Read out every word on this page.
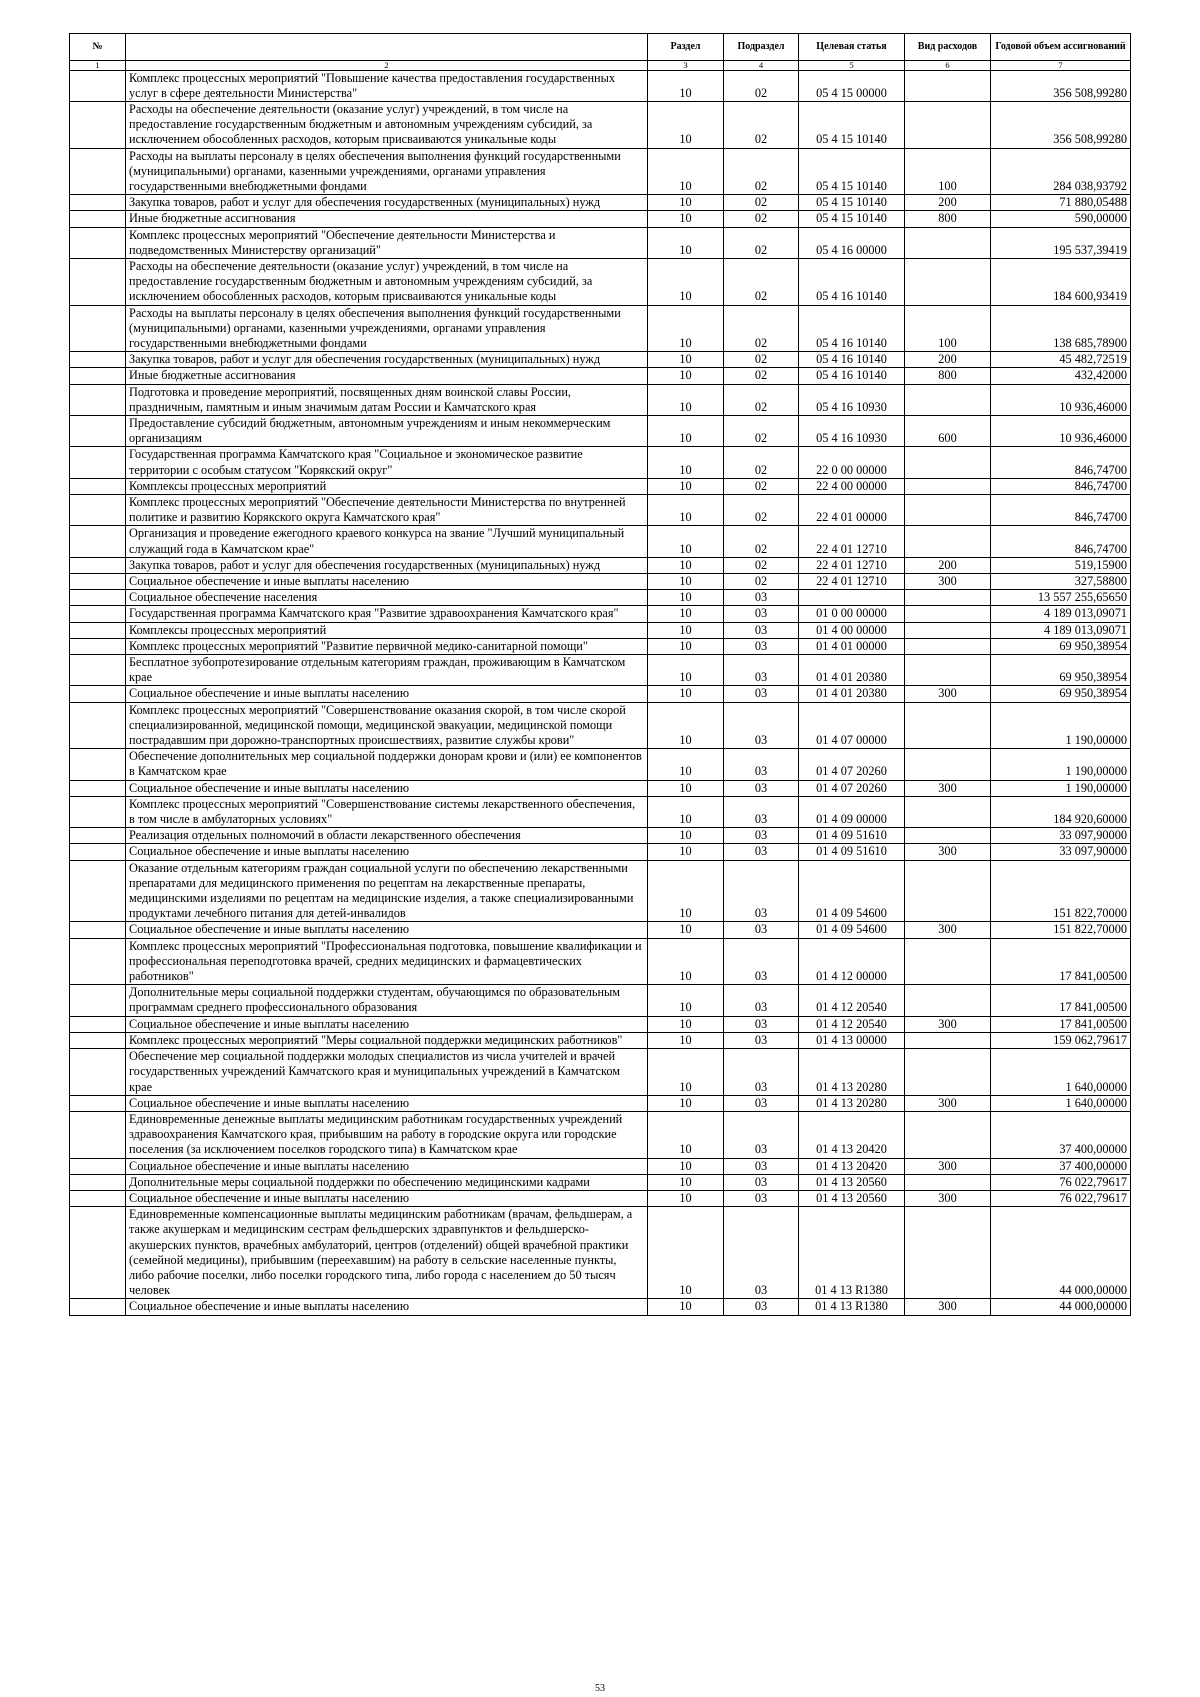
№		Раздел	Подраздел	Целевая статья	Вид расходов	Годовой объем ассигнований
1	2	3	4	5	6	7
	Комплекс процессных мероприятий "Повышение качества предоставления государственных услуг в сфере деятельности Министерства"	10	02	05 4 15 00000		356 508,99280
	Расходы на обеспечение деятельности (оказание услуг) учреждений, в том числе на предоставление государственным бюджетным и автономным учреждениям субсидий, за исключением обособленных расходов, которым присваиваются уникальные коды	10	02	05 4 15 10140		356 508,99280
	Расходы на выплаты персоналу в целях обеспечения выполнения функций государственными (муниципальными) органами, казенными учреждениями, органами управления государственными внебюджетными фондами	10	02	05 4 15 10140	100	284 038,93792
	Закупка товаров, работ и услуг для обеспечения государственных (муниципальных) нужд	10	02	05 4 15 10140	200	71 880,05488
	Иные бюджетные ассигнования	10	02	05 4 15 10140	800	590,00000
	Комплекс процессных мероприятий "Обеспечение деятельности Министерства и подведомственных Министерству организаций"	10	02	05 4 16 00000		195 537,39419
	Расходы на обеспечение деятельности (оказание услуг) учреждений, в том числе на предоставление государственным бюджетным и автономным учреждениям субсидий, за исключением обособленных расходов, которым присваиваются уникальные коды	10	02	05 4 16 10140		184 600,93419
	Расходы на выплаты персоналу в целях обеспечения выполнения функций государственными (муниципальными) органами, казенными учреждениями, органами управления государственными внебюджетными фондами	10	02	05 4 16 10140	100	138 685,78900
	Закупка товаров, работ и услуг для обеспечения государственных (муниципальных) нужд	10	02	05 4 16 10140	200	45 482,72519
	Иные бюджетные ассигнования	10	02	05 4 16 10140	800	432,42000
	Подготовка и проведение мероприятий, посвященных дням воинской славы России, праздничным, памятным и иным значимым датам России и Камчатского края	10	02	05 4 16 10930		10 936,46000
	Предоставление субсидий бюджетным, автономным учреждениям и иным некоммерческим организациям	10	02	05 4 16 10930	600	10 936,46000
	Государственная программа Камчатского края "Социальное и экономическое развитие территории с особым статусом "Корякский округ"	10	02	22 0 00 00000		846,74700
	Комплексы процессных мероприятий	10	02	22 4 00 00000		846,74700
	Комплекс процессных мероприятий "Обеспечение деятельности Министерства по внутренней политике и развитию Корякского округа Камчатского края"	10	02	22 4 01 00000		846,74700
	Организация и проведение ежегодного краевого конкурса на звание "Лучший муниципальный служащий года в Камчатском крае"	10	02	22 4 01 12710		846,74700
	Закупка товаров, работ и услуг для обеспечения государственных (муниципальных) нужд	10	02	22 4 01 12710	200	519,15900
	Социальное обеспечение и иные выплаты населению	10	02	22 4 01 12710	300	327,58800
	Социальное обеспечение населения	10	03			13 557 255,65650
	Государственная программа Камчатского края "Развитие здравоохранения Камчатского края"	10	03	01 0 00 00000		4 189 013,09071
	Комплексы процессных мероприятий	10	03	01 4 00 00000		4 189 013,09071
	Комплекс процессных мероприятий "Развитие первичной медико-санитарной помощи"	10	03	01 4 01 00000		69 950,38954
	Бесплатное зубопротезирование отдельным категориям граждан, проживающим в Камчатском крае	10	03	01 4 01 20380		69 950,38954
	Социальное обеспечение и иные выплаты населению	10	03	01 4 01 20380	300	69 950,38954
	Комплекс процессных мероприятий "Совершенствование оказания скорой, в том числе скорой специализированной, медицинской помощи, медицинской эвакуации, медицинской помощи пострадавшим при дорожно-транспортных происшествиях, развитие службы крови"	10	03	01 4 07 00000		1 190,00000
	Обеспечение дополнительных мер социальной поддержки донорам крови и (или) ее компонентов в Камчатском крае	10	03	01 4 07 20260		1 190,00000
	Социальное обеспечение и иные выплаты населению	10	03	01 4 07 20260	300	1 190,00000
	Комплекс процессных мероприятий "Совершенствование системы лекарственного обеспечения, в том числе в амбулаторных условиях"	10	03	01 4 09 00000		184 920,60000
	Реализация отдельных полномочий в области лекарственного обеспечения	10	03	01 4 09 51610		33 097,90000
	Социальное обеспечение и иные выплаты населению	10	03	01 4 09 51610	300	33 097,90000
	Оказание отдельным категориям граждан социальной услуги по обеспечению лекарственными препаратами для медицинского применения по рецептам на лекарственные препараты, медицинскими изделиями по рецептам на медицинские изделия, а также специализированными продуктами лечебного питания для детей-инвалидов	10	03	01 4 09 54600		151 822,70000
	Социальное обеспечение и иные выплаты населению	10	03	01 4 09 54600	300	151 822,70000
	Комплекс процессных мероприятий "Профессиональная подготовка, повышение квалификации и профессиональная переподготовка врачей, средних медицинских и фармацевтических работников"	10	03	01 4 12 00000		17 841,00500
	Дополнительные меры социальной поддержки студентам, обучающимся по образовательным программам среднего профессионального образования	10	03	01 4 12 20540		17 841,00500
	Социальное обеспечение и иные выплаты населению	10	03	01 4 12 20540	300	17 841,00500
	Комплекс процессных мероприятий "Меры социальной поддержки медицинских работников"	10	03	01 4 13 00000		159 062,79617
	Обеспечение мер социальной поддержки молодых специалистов из числа учителей и врачей государственных учреждений Камчатского края и муниципальных учреждений в Камчатском крае	10	03	01 4 13 20280		1 640,00000
	Социальное обеспечение и иные выплаты населению	10	03	01 4 13 20280	300	1 640,00000
	Единовременные денежные выплаты медицинским работникам государственных учреждений здравоохранения Камчатского края, прибывшим на работу в городские округа или городские поселения (за исключением поселков городского типа) в Камчатском крае	10	03	01 4 13 20420		37 400,00000
	Социальное обеспечение и иные выплаты населению	10	03	01 4 13 20420	300	37 400,00000
	Дополнительные меры социальной поддержки по обеспечению медицинскими кадрами	10	03	01 4 13 20560		76 022,79617
	Социальное обеспечение и иные выплаты населению	10	03	01 4 13 20560	300	76 022,79617
	Единовременные компенсационные выплаты медицинским работникам (врачам, фельдшерам, а также акушеркам и медицинским сестрам фельдшерских здравпунктов и фельдшерско-акушерских пунктов, врачебных амбулаторий, центров (отделений) общей врачебной практики (семейной медицины), прибывшим (переехавшим) на работу в сельские населенные пункты, либо рабочие поселки, либо поселки городского типа, либо города с населением до 50 тысяч человек	10	03	01 4 13 R1380		44 000,00000
	Социальное обеспечение и иные выплаты населению	10	03	01 4 13 R1380	300	44 000,00000
53
